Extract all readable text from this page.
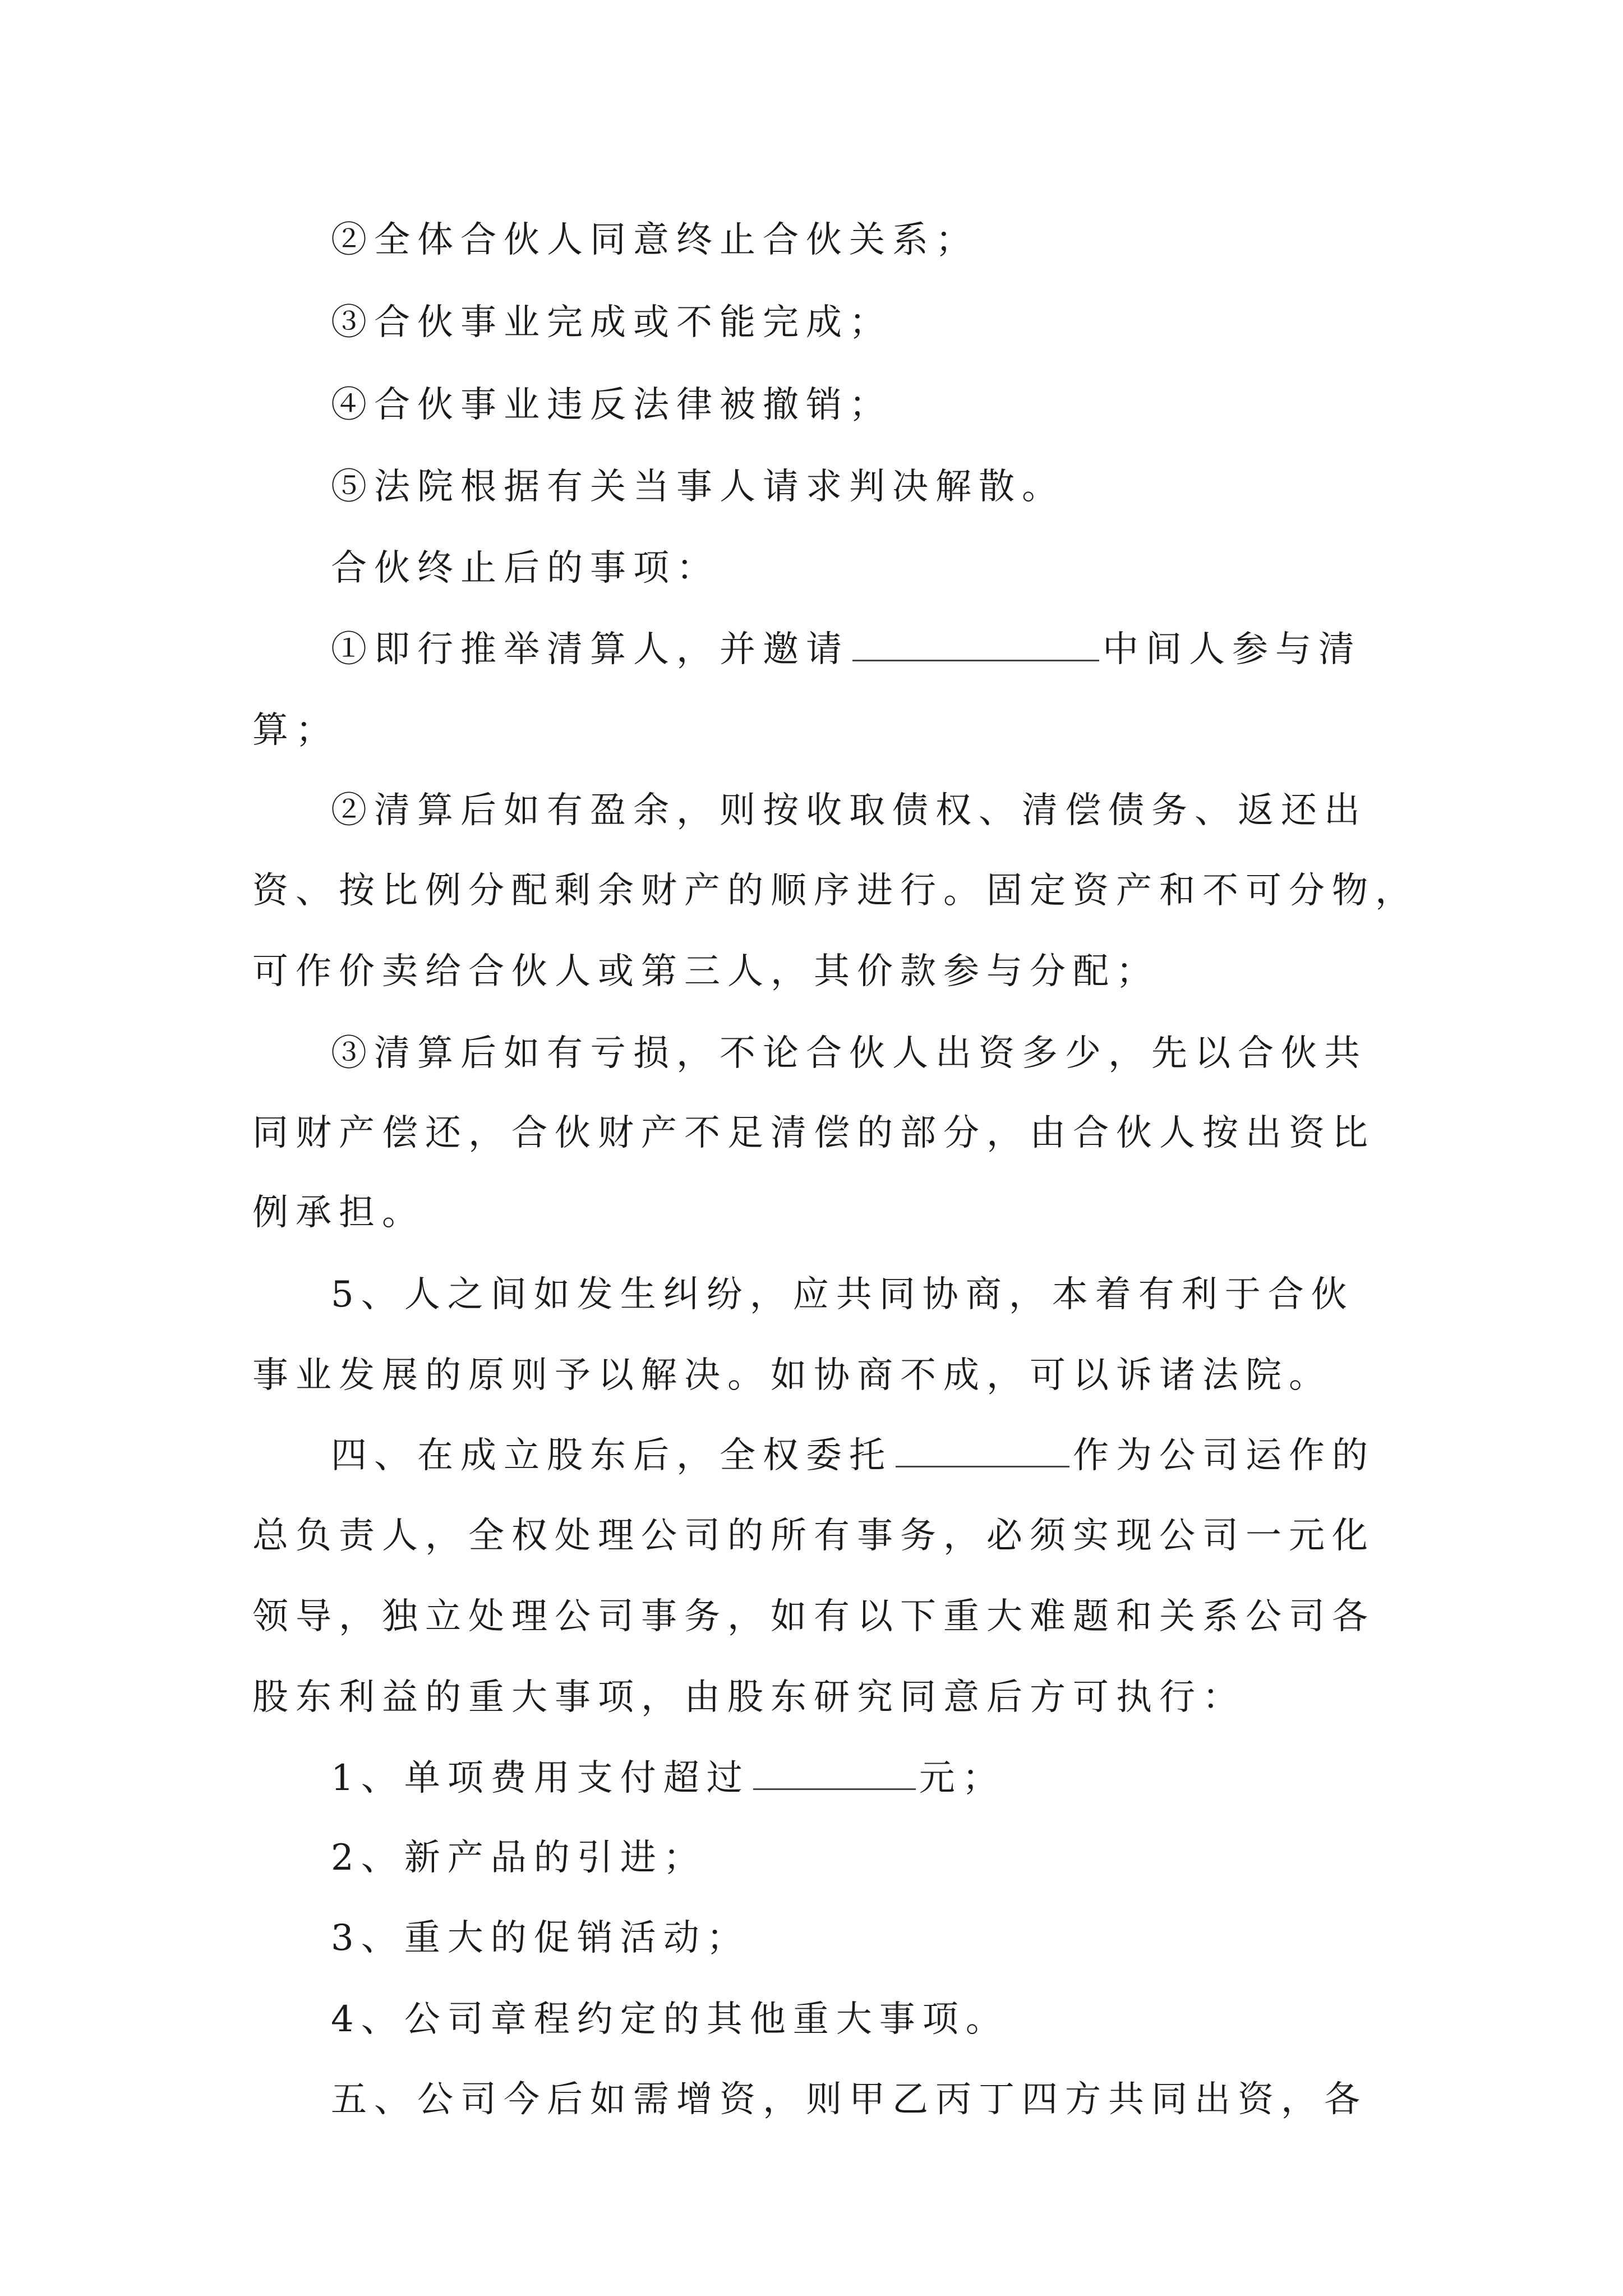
②全体合伙人同意终止合伙关系；
③合伙事业完成或不能完成；
④合伙事业违反法律被撤销；
⑤法院根据有关当事人请求判决解散。
合伙终止后的事项：
①即行推举清算人，并邀请	中间人参与清
算；
②清算后如有盈余，则按收取债权、清偿债务、返还出
资、按比例分配剩余财产的顺序进行。固定资产和不可分物，
可作价卖给合伙人或第三人，其价款参与分配；
③清算后如有亏损，不论合伙人出资多少，先以合伙共
同财产偿还，合伙财产不足清偿的部分，由合伙人按出资比
例承担。
5、人之间如发生纠纷，应共同协商，本着有利于合伙
事业发展的原则予以解决。如协商不成，可以诉诸法院。
四、在成立股东后，全权委托	作为公司运作的
总负责人，全权处理公司的所有事务，必须实现公司一元化
领导，独立处理公司事务，如有以下重大难题和关系公司各
股东利益的重大事项，由股东研究同意后方可执行：
1、单项费用支付超过	元；
2、新产品的引进；
3、重大的促销活动；
4、公司章程约定的其他重大事项。
五、公司今后如需增资，则甲乙丙丁四方共同出资，各
